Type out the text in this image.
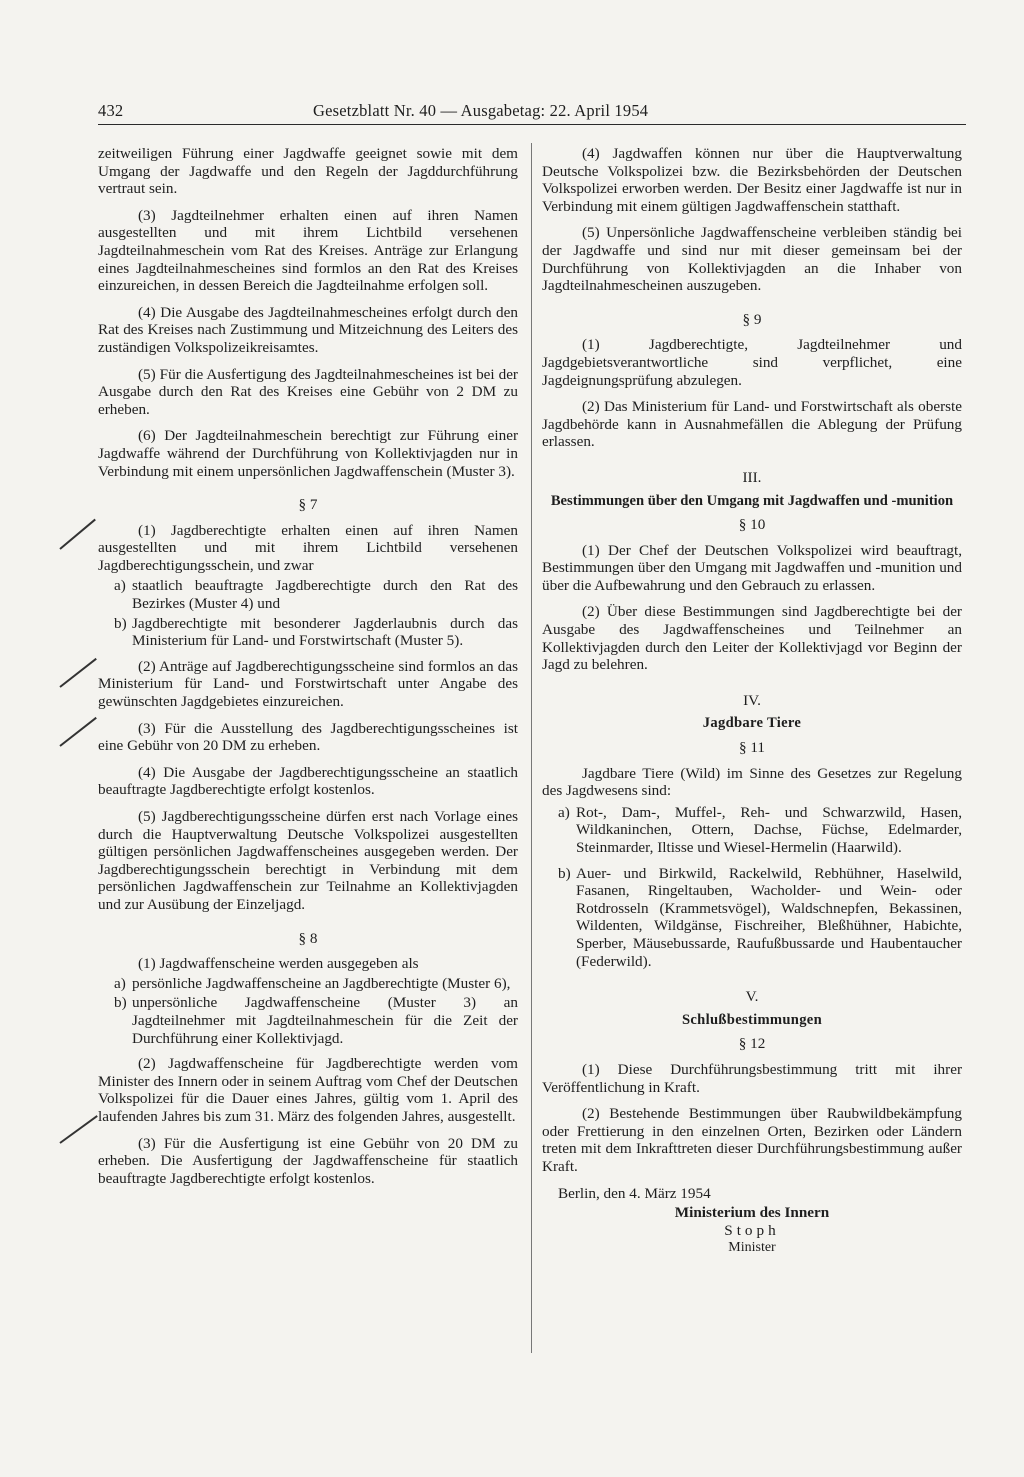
432	Gesetzblatt Nr. 40 — Ausgabetag: 22. April 1954

zeitweiligen Führung einer Jagdwaffe geeignet sowie mit dem Umgang der Jagdwaffe und den Regeln der Jagddurchführung vertraut sein.

(3) Jagdteilnehmer erhalten einen auf ihren Namen ausgestellten und mit ihrem Lichtbild versehenen Jagdteilnahmeschein vom Rat des Kreises. Anträge zur Erlangung eines Jagdteilnahmescheines sind formlos an den Rat des Kreises einzureichen, in dessen Bereich die Jagdteilnahme erfolgen soll.

(4) Die Ausgabe des Jagdteilnahmescheines erfolgt durch den Rat des Kreises nach Zustimmung und Mitzeichnung des Leiters des zuständigen Volkspolizeikreisamtes.

(5) Für die Ausfertigung des Jagdteilnahmescheines ist bei der Ausgabe durch den Rat des Kreises eine Gebühr von 2 DM zu erheben.

(6) Der Jagdteilnahmeschein berechtigt zur Führung einer Jagdwaffe während der Durchführung von Kollektivjagden nur in Verbindung mit einem unpersönlichen Jagdwaffenschein (Muster 3).

§ 7

(1) Jagdberechtigte erhalten einen auf ihren Namen ausgestellten und mit ihrem Lichtbild versehenen Jagdberechtigungsschein, und zwar

a) staatlich beauftragte Jagdberechtigte durch den Rat des Bezirkes (Muster 4) und
b) Jagdberechtigte mit besonderer Jagderlaubnis durch das Ministerium für Land- und Forstwirtschaft (Muster 5).

(2) Anträge auf Jagdberechtigungsscheine sind formlos an das Ministerium für Land- und Forstwirtschaft unter Angabe des gewünschten Jagdgebietes einzureichen.

(3) Für die Ausstellung des Jagdberechtigungsscheines ist eine Gebühr von 20 DM zu erheben.

(4) Die Ausgabe der Jagdberechtigungsscheine an staatlich beauftragte Jagdberechtigte erfolgt kostenlos.

(5) Jagdberechtigungsscheine dürfen erst nach Vorlage eines durch die Hauptverwaltung Deutsche Volkspolizei ausgestellten gültigen persönlichen Jagdwaffenscheines ausgegeben werden. Der Jagdberechtigungsschein berechtigt in Verbindung mit dem persönlichen Jagdwaffenschein zur Teilnahme an Kollektivjagden und zur Ausübung der Einzeljagd.

§ 8

(1) Jagdwaffenscheine werden ausgegeben als

a) persönliche Jagdwaffenscheine an Jagdberechtigte (Muster 6),
b) unpersönliche Jagdwaffenscheine (Muster 3) an Jagdteilnehmer mit Jagdteilnahmeschein für die Zeit der Durchführung einer Kollektivjagd.

(2) Jagdwaffenscheine für Jagdberechtigte werden vom Minister des Innern oder in seinem Auftrag vom Chef der Deutschen Volkspolizei für die Dauer eines Jahres, gültig vom 1. April des laufenden Jahres bis zum 31. März des folgenden Jahres, ausgestellt.

(3) Für die Ausfertigung ist eine Gebühr von 20 DM zu erheben. Die Ausfertigung der Jagdwaffenscheine für staatlich beauftragte Jagdberechtigte erfolgt kostenlos.

(4) Jagdwaffen können nur über die Hauptverwaltung Deutsche Volkspolizei bzw. die Bezirksbehörden der Deutschen Volkspolizei erworben werden. Der Besitz einer Jagdwaffe ist nur in Verbindung mit einem gültigen Jagdwaffenschein statthaft.

(5) Unpersönliche Jagdwaffenscheine verbleiben ständig bei der Jagdwaffe und sind nur mit dieser gemeinsam bei der Durchführung von Kollektivjagden an die Inhaber von Jagdteilnahmescheinen auszugeben.

§ 9

(1) Jagdberechtigte, Jagdteilnehmer und Jagdgebietsverantwortliche sind verpflichet, eine Jagdeignungsprüfung abzulegen.

(2) Das Ministerium für Land- und Forstwirtschaft als oberste Jagdbehörde kann in Ausnahmefällen die Ablegung der Prüfung erlassen.

III.
Bestimmungen über den Umgang mit Jagdwaffen und -munition
§ 10

(1) Der Chef der Deutschen Volkspolizei wird beauftragt, Bestimmungen über den Umgang mit Jagdwaffen und -munition und über die Aufbewahrung und den Gebrauch zu erlassen.

(2) Über diese Bestimmungen sind Jagdberechtigte bei der Ausgabe des Jagdwaffenscheines und Teilnehmer an Kollektivjagden durch den Leiter der Kollektivjagd vor Beginn der Jagd zu belehren.

IV.
Jagdbare Tiere
§ 11

Jagdbare Tiere (Wild) im Sinne des Gesetzes zur Regelung des Jagdwesens sind:

a) Rot-, Dam-, Muffel-, Reh- und Schwarzwild, Hasen, Wildkaninchen, Ottern, Dachse, Füchse, Edelmarder, Steinmarder, Iltisse und Wiesel-Hermelin (Haarwild).
b) Auer- und Birkwild, Rackelwild, Rebhühner, Haselwild, Fasanen, Ringeltauben, Wacholder- und Wein- oder Rotdrosseln (Krammetsvögel), Waldschnepfen, Bekassinen, Wildenten, Wildgänse, Fischreiher, Bleßhühner, Habichte, Sperber, Mäusebussarde, Raufußbussarde und Haubentaucher (Federwild).
V.
Schlußbestimmungen
§ 12

(1) Diese Durchführungsbestimmung tritt mit ihrer Veröffentlichung in Kraft.

(2) Bestehende Bestimmungen über Raubwildbekämpfung oder Frettierung in den einzelnen Orten, Bezirken oder Ländern treten mit dem Inkrafttreten dieser Durchführungsbestimmung außer Kraft.

Berlin, den 4. März 1954
Ministerium des Innern
Stoph
Minister
